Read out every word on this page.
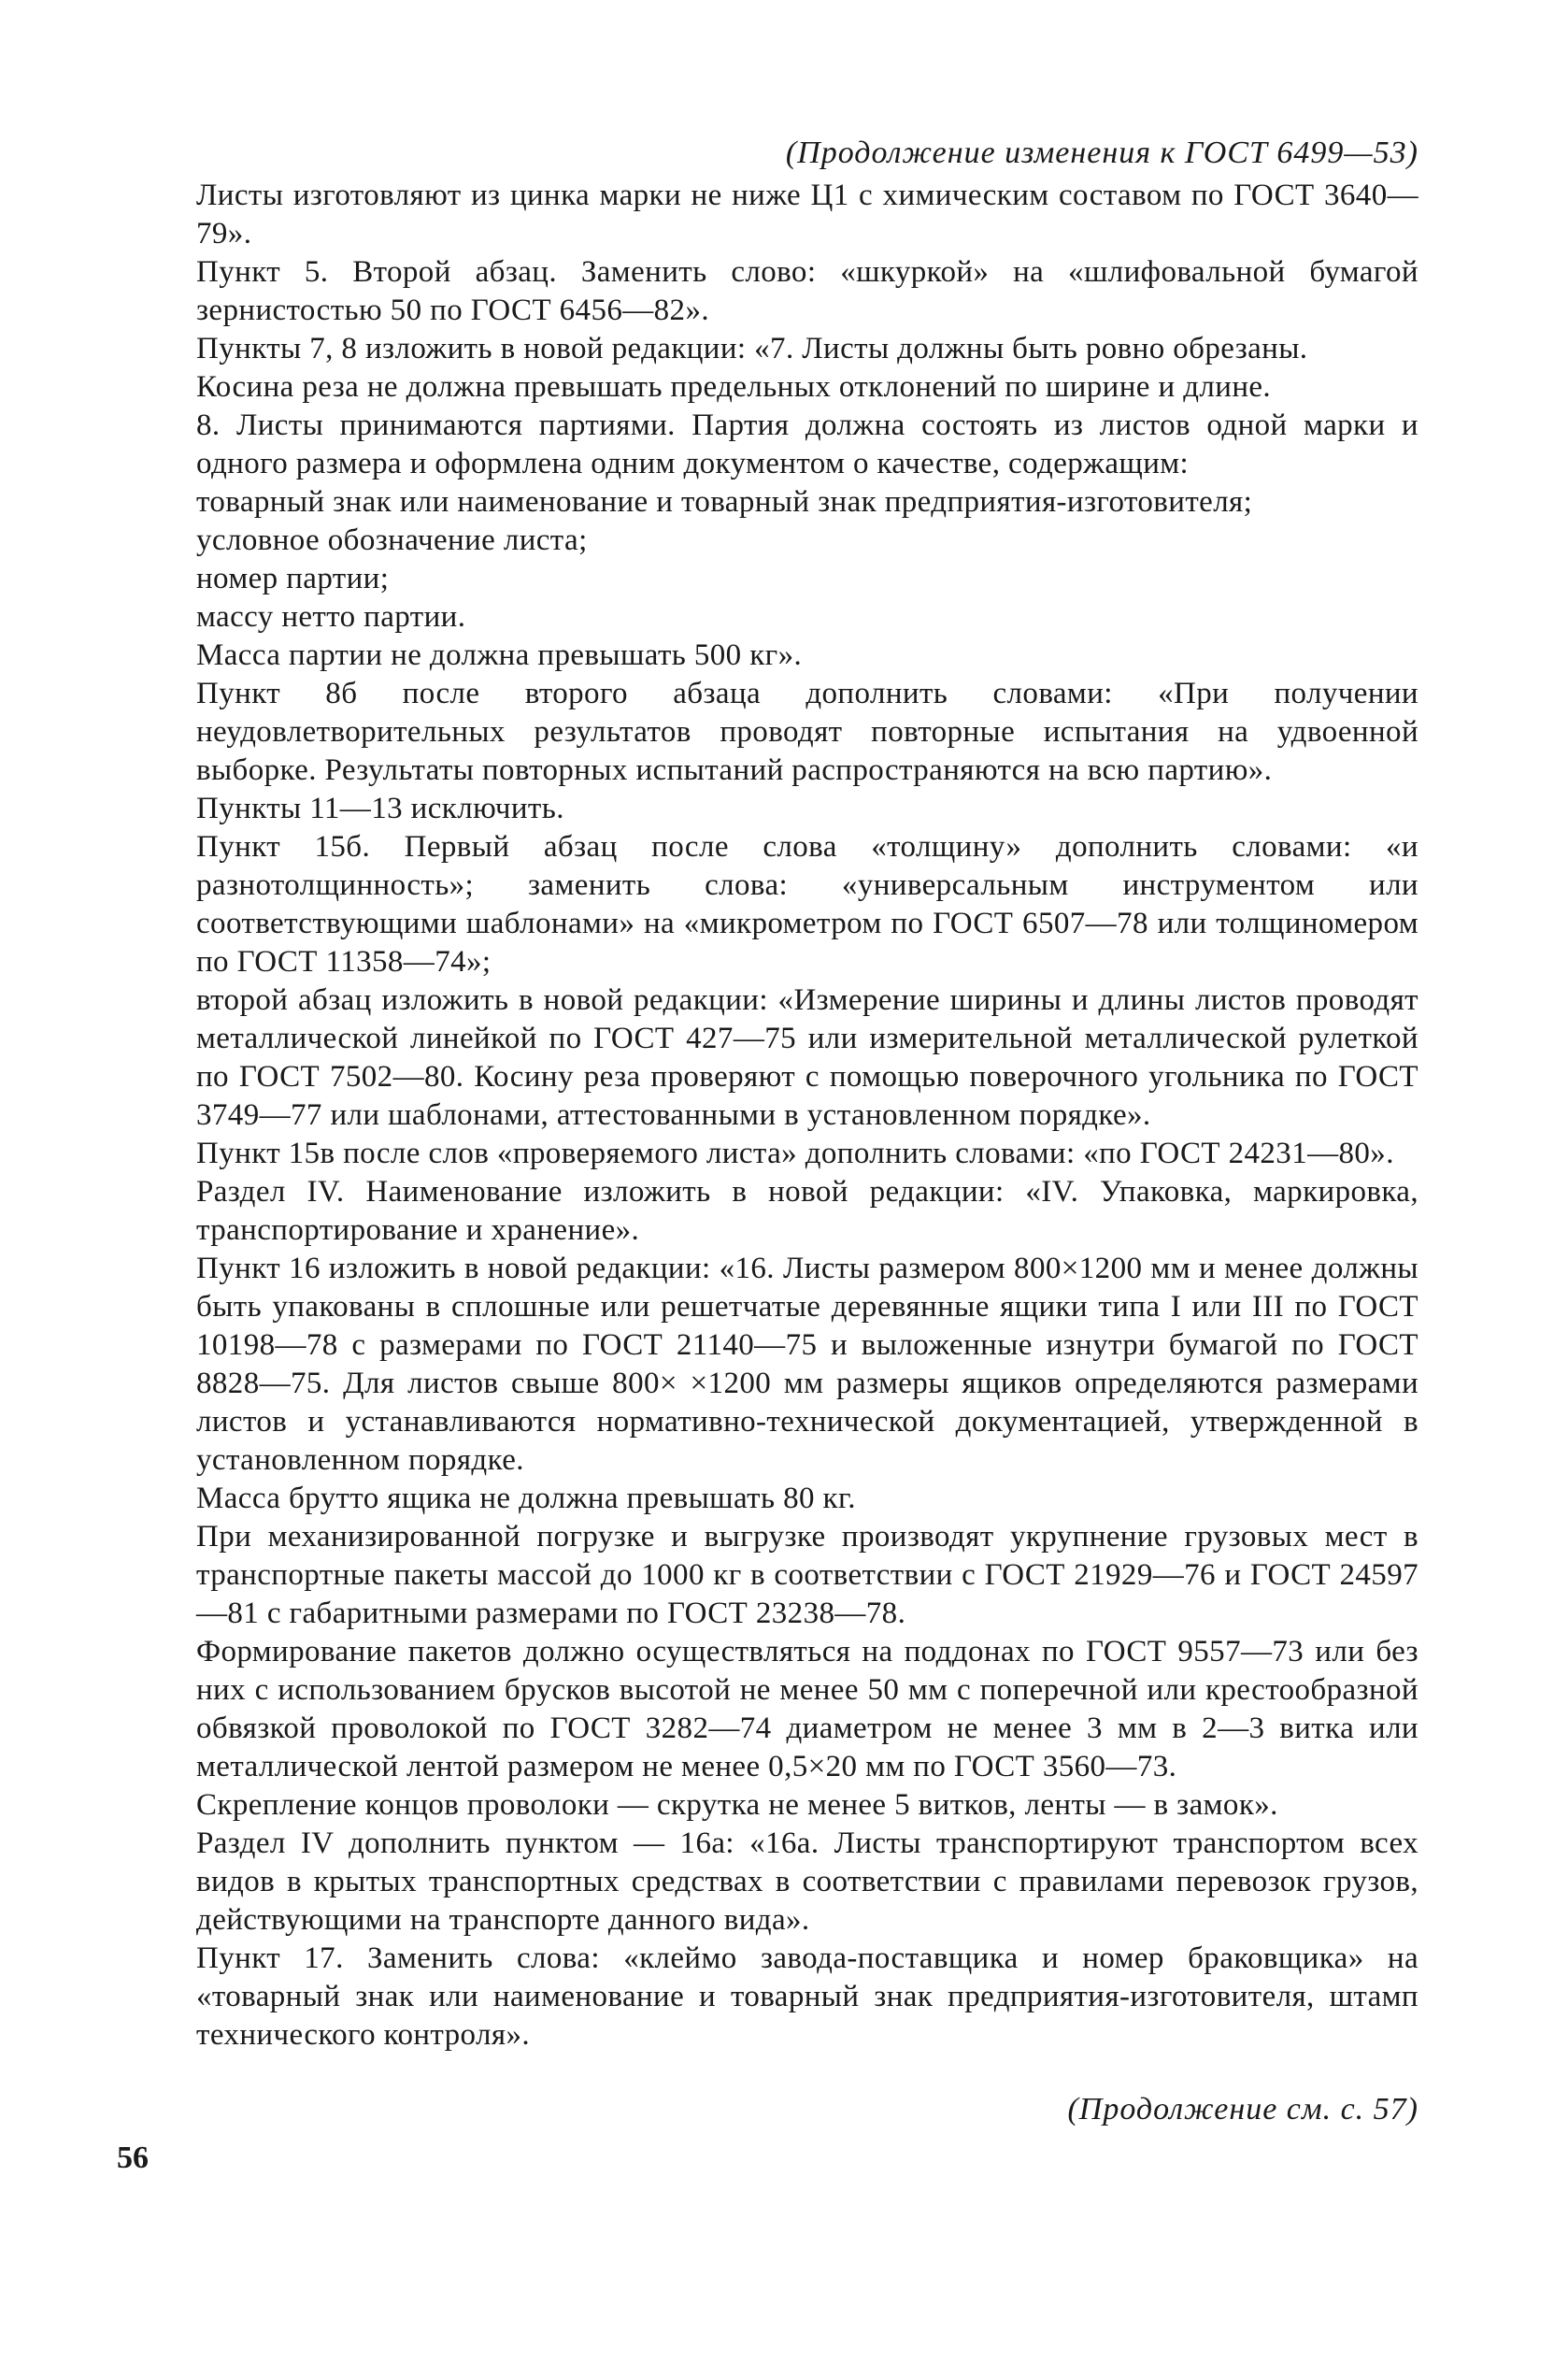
(Продолжение изменения к ГОСТ 6499—53)

Листы изготовляют из цинка марки не ниже Ц1 с химическим составом по ГОСТ 3640—79».

Пункт 5. Второй абзац. Заменить слово: «шкуркой» на «шлифовальной бумагой зернистостью 50 по ГОСТ 6456—82».

Пункты 7, 8 изложить в новой редакции: «7. Листы должны быть ровно обрезаны.

Косина реза не должна превышать предельных отклонений по ширине и длине.

8. Листы принимаются партиями. Партия должна состоять из листов одной марки и одного размера и оформлена одним документом о качестве, содержащим:

товарный знак или наименование и товарный знак предприятия-изготовителя;

условное обозначение листа;

номер партии;

массу нетто партии.

Масса партии не должна превышать 500 кг».

Пункт 8б после второго абзаца дополнить словами: «При получении неудовлетворительных результатов проводят повторные испытания на удвоенной выборке. Результаты повторных испытаний распространяются на всю партию».

Пункты 11—13 исключить.

Пункт 15б. Первый абзац после слова «толщину» дополнить словами: «и разнотолщинность»; заменить слова: «универсальным инструментом или соответствующими шаблонами» на «микрометром по ГОСТ 6507—78 или толщиномером по ГОСТ 11358—74»;

второй абзац изложить в новой редакции: «Измерение ширины и длины листов проводят металлической линейкой по ГОСТ 427—75 или измерительной металлической рулеткой по ГОСТ 7502—80. Косину реза проверяют с помощью поверочного угольника по ГОСТ 3749—77 или шаблонами, аттестованными в установленном порядке».

Пункт 15в после слов «проверяемого листа» дополнить словами: «по ГОСТ 24231—80».

Раздел IV. Наименование изложить в новой редакции: «IV. Упаковка, маркировка, транспортирование и хранение».

Пункт 16 изложить в новой редакции: «16. Листы размером 800×1200 мм и менее должны быть упакованы в сплошные или решетчатые деревянные ящики типа I или III по ГОСТ 10198—78 с размерами по ГОСТ 21140—75 и выложенные изнутри бумагой по ГОСТ 8828—75. Для листов свыше 800× ×1200 мм размеры ящиков определяются размерами листов и устанавливаются нормативно-технической документацией, утвержденной в установленном порядке.

Масса брутто ящика не должна превышать 80 кг.

При механизированной погрузке и выгрузке производят укрупнение грузовых мест в транспортные пакеты массой до 1000 кг в соответствии с ГОСТ 21929—76 и ГОСТ 24597—81 с габаритными размерами по ГОСТ 23238—78.

Формирование пакетов должно осуществляться на поддонах по ГОСТ 9557—73 или без них с использованием брусков высотой не менее 50 мм с поперечной или крестообразной обвязкой проволокой по ГОСТ 3282—74 диаметром не менее 3 мм в 2—3 витка или металлической лентой размером не менее 0,5×20 мм по ГОСТ 3560—73.

Скрепление концов проволоки — скрутка не менее 5 витков, ленты — в замок».

Раздел IV дополнить пунктом — 16а: «16а. Листы транспортируют транспортом всех видов в крытых транспортных средствах в соответствии с правилами перевозок грузов, действующими на транспорте данного вида».

Пункт 17. Заменить слова: «клеймо завода-поставщика и номер браковщика» на «товарный знак или наименование и товарный знак предприятия-изготовителя, штамп технического контроля».

(Продолжение см. с. 57)
56
